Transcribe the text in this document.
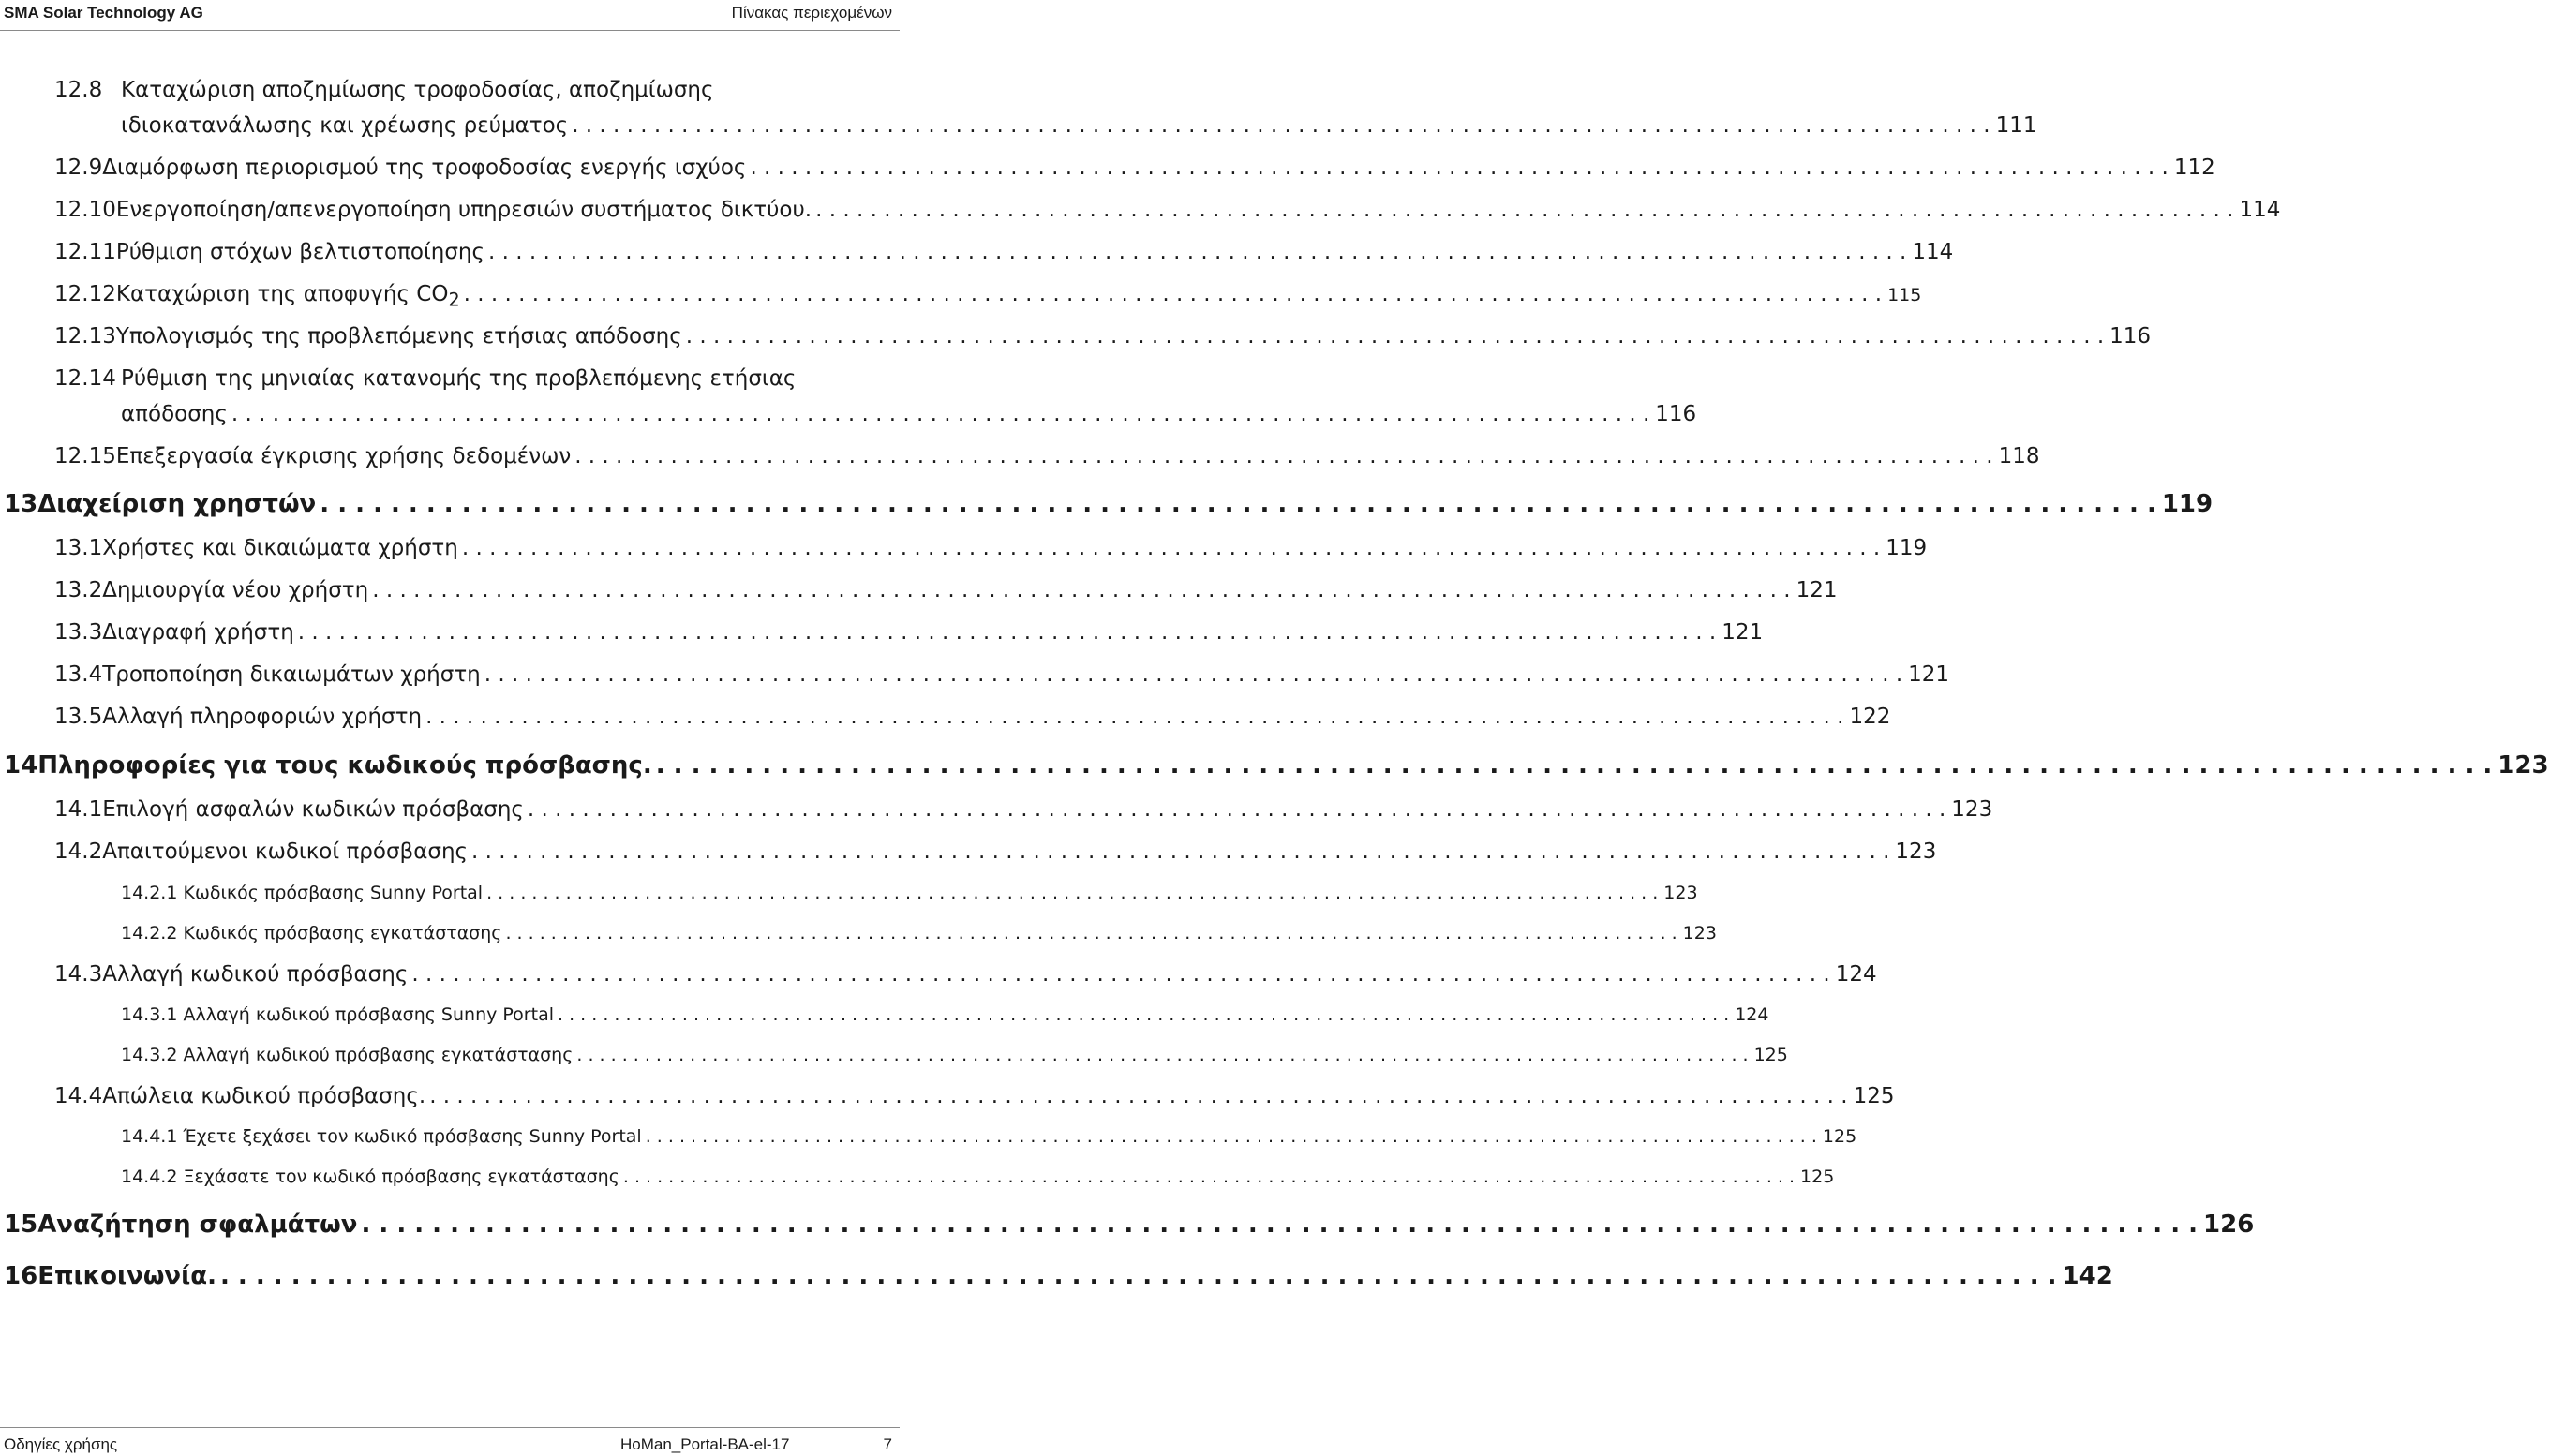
SMA Solar Technology AG	Πίνακας περιεχομένων
12.8 Καταχώριση αποζημίωσης τροφοδοσίας, αποζημίωσης
ιδιοκατανάλωσης και χρέωσης ρεύματος . . .	111
12.9 Διαμόρφωση περιορισμού της τροφοδοσίας ενεργής ισχύος . . .	112
12.10 Ενεργοποίηση/απενεργοποίηση υπηρεσιών συστήματος δικτύου. . . .	114
12.11 Ρύθμιση στόχων βελτιστοποίησης . . .	114
12.12 Καταχώριση της αποφυγής $CO_2$ . . .	115
12.13 Υπολογισμός της προβλεπόμενης ετήσιας απόδοσης . . .	116
12.14 Ρύθμιση της μηνιαίας κατανομής της προβλεπόμενης ετήσιας
απόδοσης . . .	116
12.15 Επεξεργασία έγκρισης χρήσης δεδομένων . . .	118
13 Διαχείριση χρηστών . . .	119
13.1 Χρήστες και δικαιώματα χρήστη . . .	119
13.2 Δημιουργία νέου χρήστη . . .	121
13.3 Διαγραφή χρήστη . . .	121
13.4 Τροποποίηση δικαιωμάτων χρήστη . . .	121
13.5 Αλλαγή πληροφοριών χρήστη . . .	122
14 Πληροφορίες για τους κωδικούς πρόσβασης. . . .	123
14.1 Επιλογή ασφαλών κωδικών πρόσβασης . . .	123
14.2 Απαιτούμενοι κωδικοί πρόσβασης . . .	123
14.2.1 Κωδικός πρόσβασης Sunny Portal . . .	123
14.2.2 Κωδικός πρόσβασης εγκατάστασης . . .	123
14.3 Αλλαγή κωδικού πρόσβασης . . .	124
14.3.1 Αλλαγή κωδικού πρόσβασης Sunny Portal . . .	124
14.3.2 Αλλαγή κωδικού πρόσβασης εγκατάστασης . . .	125
14.4 Απώλεια κωδικού πρόσβασης. . . .	125
14.4.1 Έχετε ξεχάσει τον κωδικό πρόσβασης Sunny Portal . . .	125
14.4.2 Ξεχάσατε τον κωδικό πρόσβασης εγκατάστασης . . .	125
15 Αναζήτηση σφαλμάτων . . .	126
16 Επικοινωνία. . . .	142
Οδηγίες χρήσης	HoMan_Portal-BA-el-17	7
